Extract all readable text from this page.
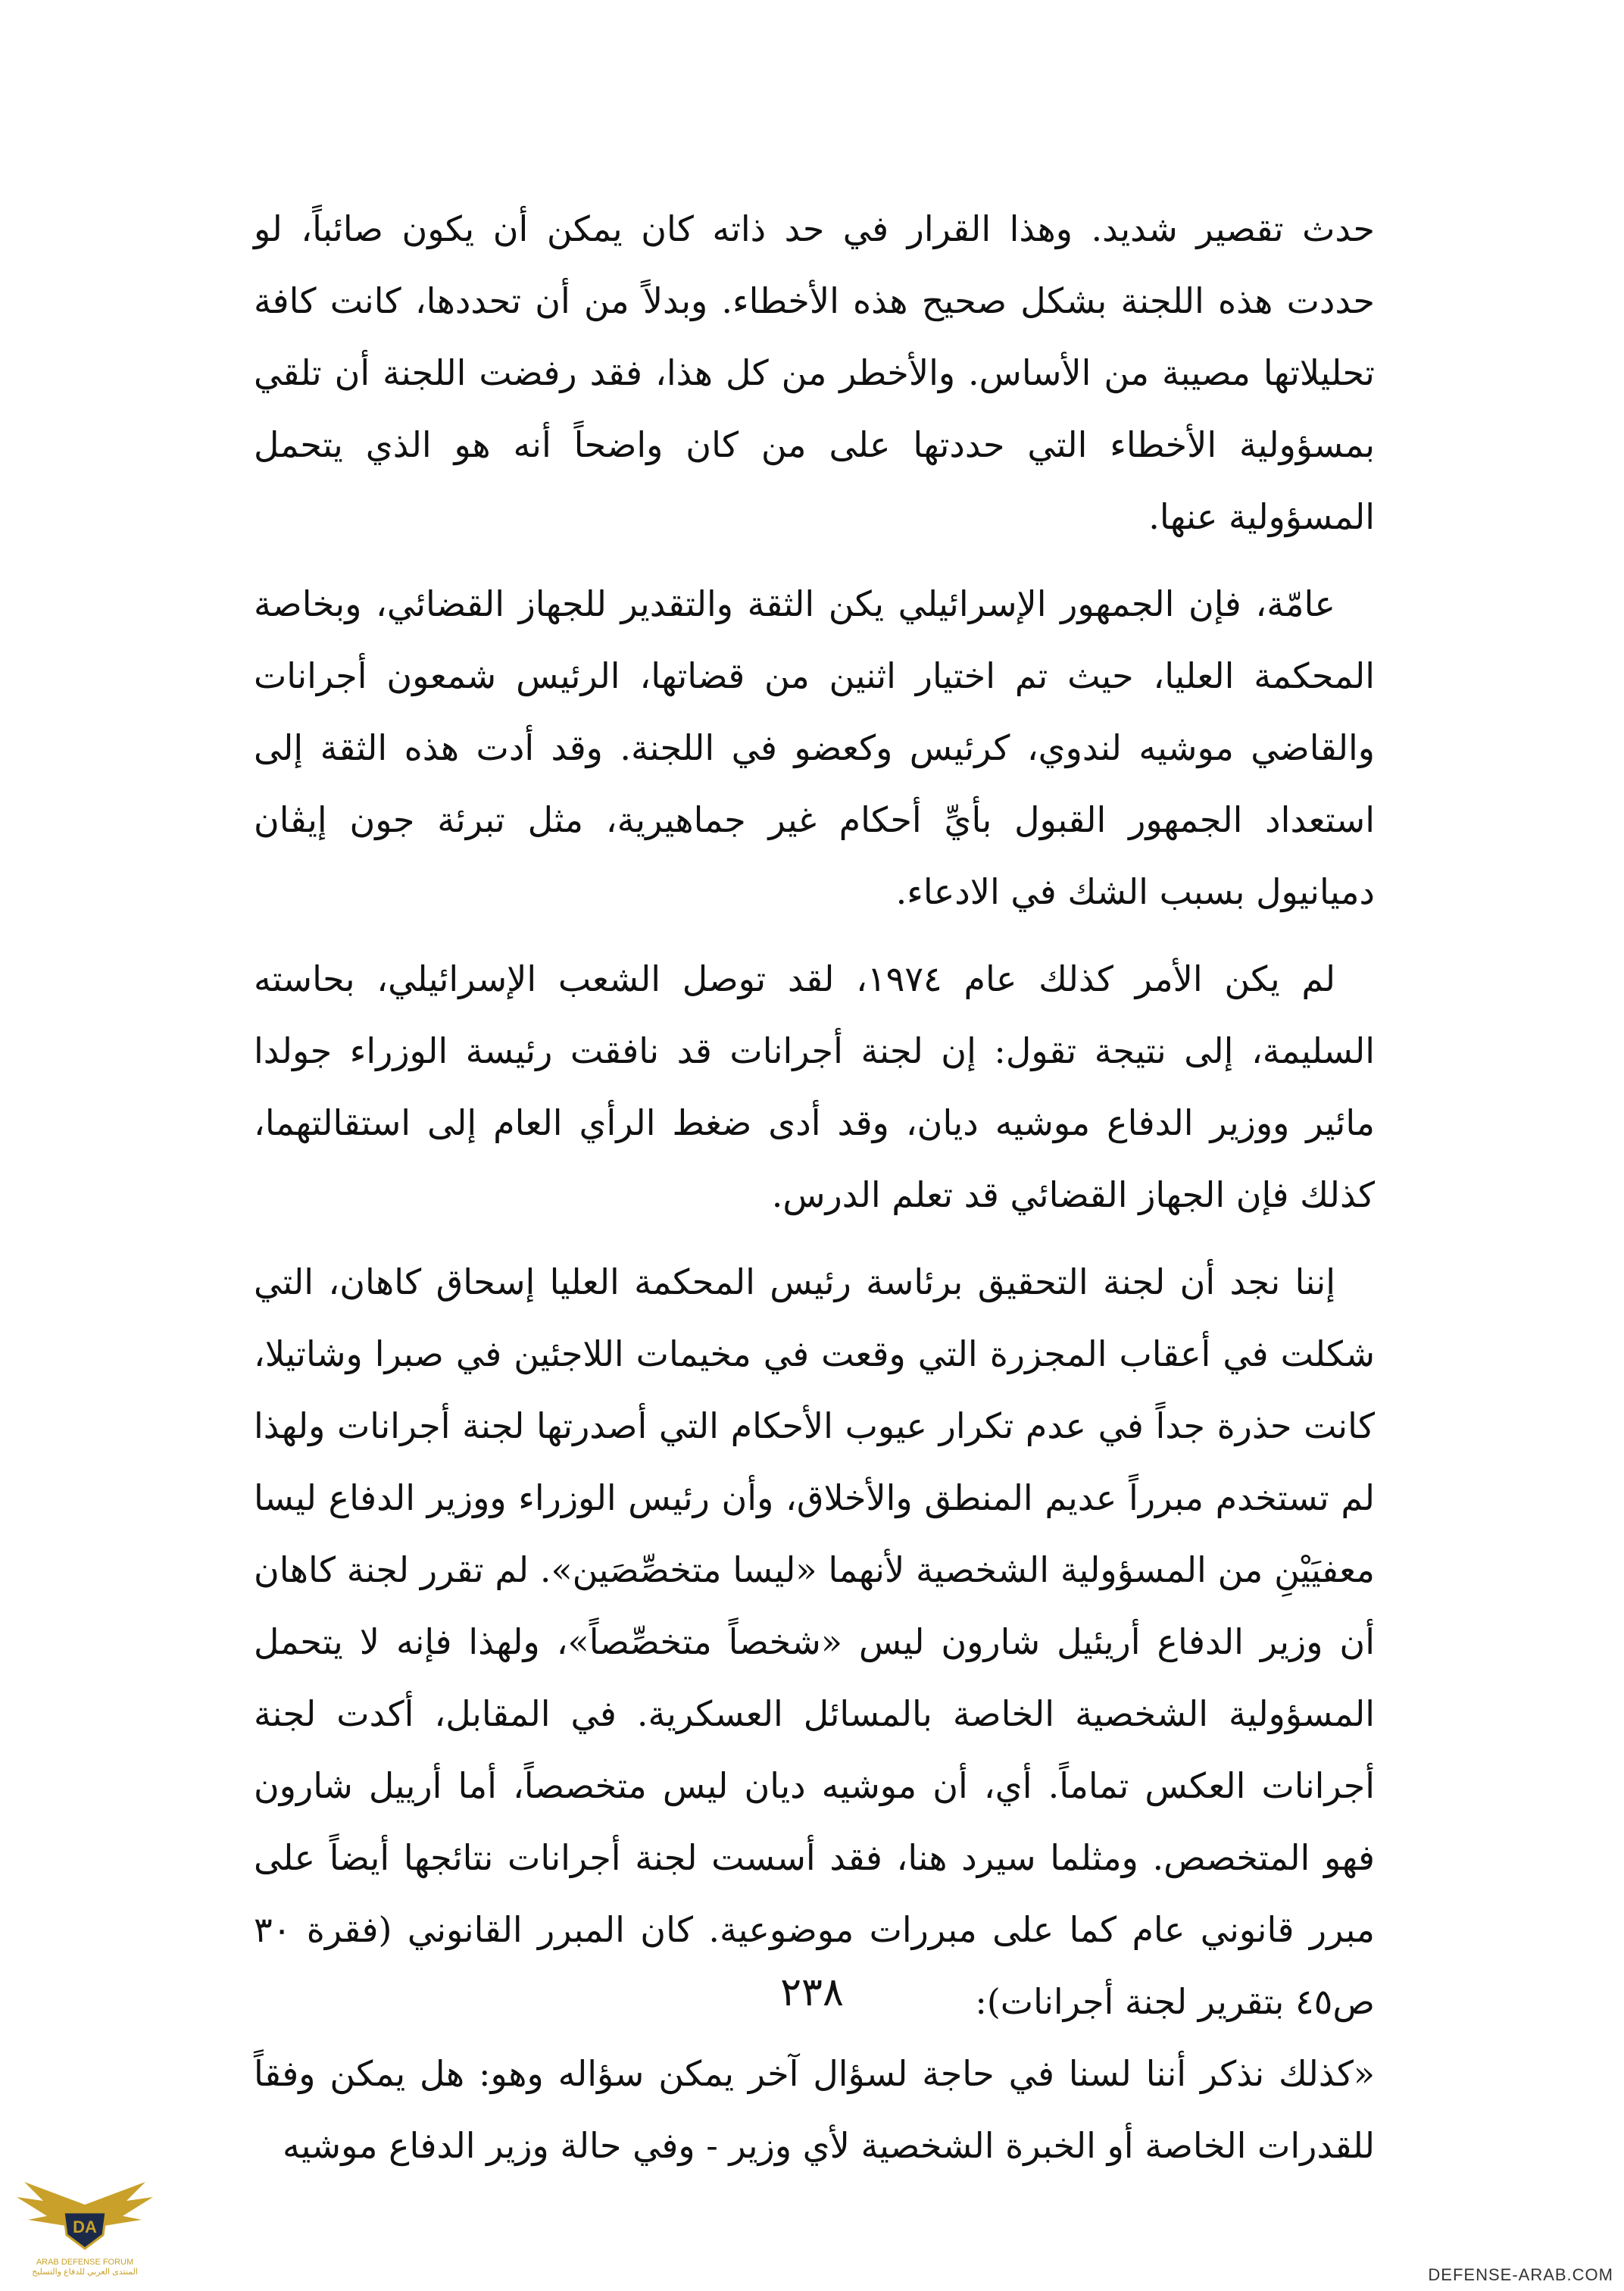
حدث تقصير شديد. وهذا القرار في حد ذاته كان يمكن أن يكون صائباً، لو حددت هذه اللجنة بشكل صحيح هذه الأخطاء. وبدلاً من أن تحددها، كانت كافة تحليلاتها مصيبة من الأساس. والأخطر من كل هذا، فقد رفضت اللجنة أن تلقي بمسؤولية الأخطاء التي حددتها على من كان واضحاً أنه هو الذي يتحمل المسؤولية عنها.

عامّة، فإن الجمهور الإسرائيلي يكن الثقة والتقدير للجهاز القضائي، وبخاصة المحكمة العليا، حيث تم اختيار اثنين من قضاتها، الرئيس شمعون أجرانات والقاضي موشيه لندوي، كرئيس وكعضو في اللجنة. وقد أدت هذه الثقة إلى استعداد الجمهور القبول بأيِّ أحكام غير جماهيرية، مثل تبرئة جون إيڤان دميانيول بسبب الشك في الادعاء.

لم يكن الأمر كذلك عام ١٩٧٤، لقد توصل الشعب الإسرائيلي، بحاسته السليمة، إلى نتيجة تقول: إن لجنة أجرانات قد نافقت رئيسة الوزراء جولدا مائير ووزير الدفاع موشيه ديان، وقد أدى ضغط الرأي العام إلى استقالتهما، كذلك فإن الجهاز القضائي قد تعلم الدرس.

إننا نجد أن لجنة التحقيق برئاسة رئيس المحكمة العليا إسحاق كاهان، التي شكلت في أعقاب المجزرة التي وقعت في مخيمات اللاجئين في صبرا وشاتيلا، كانت حذرة جداً في عدم تكرار عيوب الأحكام التي أصدرتها لجنة أجرانات ولهذا لم تستخدم مبرراً عديم المنطق والأخلاق، وأن رئيس الوزراء ووزير الدفاع ليسا معفيَيْنِ من المسؤولية الشخصية لأنهما «ليسا متخصِّصَين». لم تقرر لجنة كاهان أن وزير الدفاع أريئيل شارون ليس «شخصاً متخصِّصاً»، ولهذا فإنه لا يتحمل المسؤولية الشخصية الخاصة بالمسائل العسكرية. في المقابل، أكدت لجنة أجرانات العكس تماماً. أي، أن موشيه ديان ليس متخصصاً، أما أرييل شارون فهو المتخصص. ومثلما سيرد هنا، فقد أسست لجنة أجرانات نتائجها أيضاً على مبرر قانوني عام كما على مبررات موضوعية. كان المبرر القانوني (فقرة ٣٠ ص٤٥ بتقرير لجنة أجرانات):

«كذلك نذكر أننا لسنا في حاجة لسؤال آخر يمكن سؤاله وهو: هل يمكن وفقاً للقدرات الخاصة أو الخبرة الشخصية لأي وزير - وفي حالة وزير الدفاع موشيه

٢٣٨
DA
ARAB DEFENSE FORUM
المنتدى العربي للدفاع والتسليح	DEFENSE-ARAB.COM
